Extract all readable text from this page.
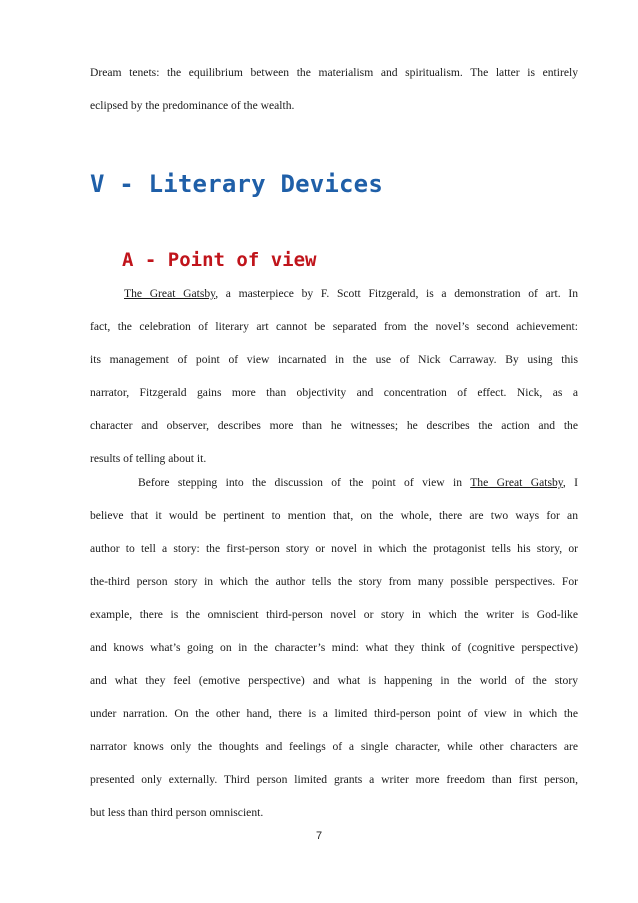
Dream tenets: the equilibrium between the materialism and spiritualism. The latter is entirely
eclipsed by the predominance of the wealth.
V - Literary Devices
A - Point of view
The Great Gatsby, a masterpiece by F. Scott Fitzgerald, is a demonstration of art. In
fact, the celebration of literary art cannot be separated from the novel’s second achievement:
its management of point of view incarnated in the use of Nick Carraway. By using this
narrator, Fitzgerald gains more than objectivity and concentration of effect. Nick, as a
character and observer, describes more than he witnesses; he describes the action and the
results of telling about it.
Before stepping into the discussion of the point of view in The Great Gatsby, I
believe that it would be pertinent to mention that, on the whole, there are two ways for an
author to tell a story: the first-person story or novel in which the protagonist tells his story, or
the-third person story in which the author tells the story from many possible perspectives. For
example, there is the omniscient third-person novel or story in which the writer is God-like
and knows what’s going on in the character’s mind: what they think of (cognitive perspective)
and what they feel (emotive perspective) and what is happening in the world of the story
under narration. On the other hand, there is a limited third-person point of view in which the
narrator knows only the thoughts and feelings of a single character, while other characters are
presented only externally. Third person limited grants a writer more freedom than first person,
but less than third person omniscient.
7
